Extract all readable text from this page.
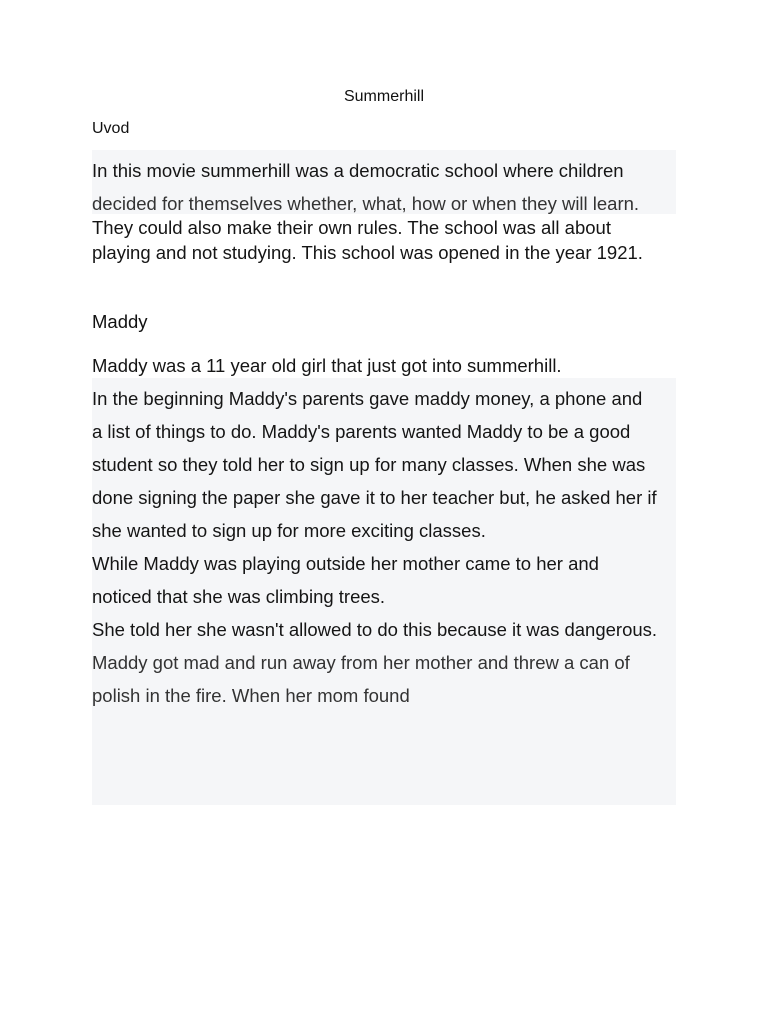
Summerhill
Uvod
In this movie summerhill was a democratic school where children
decided for themselves whether, what, how or when they will learn.
They could also make their own rules. The school was all about
playing and not studying. This school was opened in the year 1921.
Maddy
Maddy was a 11 year old girl that just got into summerhill.
In the beginning Maddy's parents gave maddy money, a phone and
a list of things to do. Maddy's parents wanted Maddy to be a good
student so they told her to sign up for many classes. When she was
done signing the paper she gave it to her teacher but, he asked her if
she wanted to sign up for more exciting classes.
While Maddy was playing outside her mother came to her and
noticed that she was climbing trees.
She told her she wasn't allowed to do this because it was dangerous.
Maddy got mad and run away from her mother and threw a can of
polish in the fire. When her mom found
